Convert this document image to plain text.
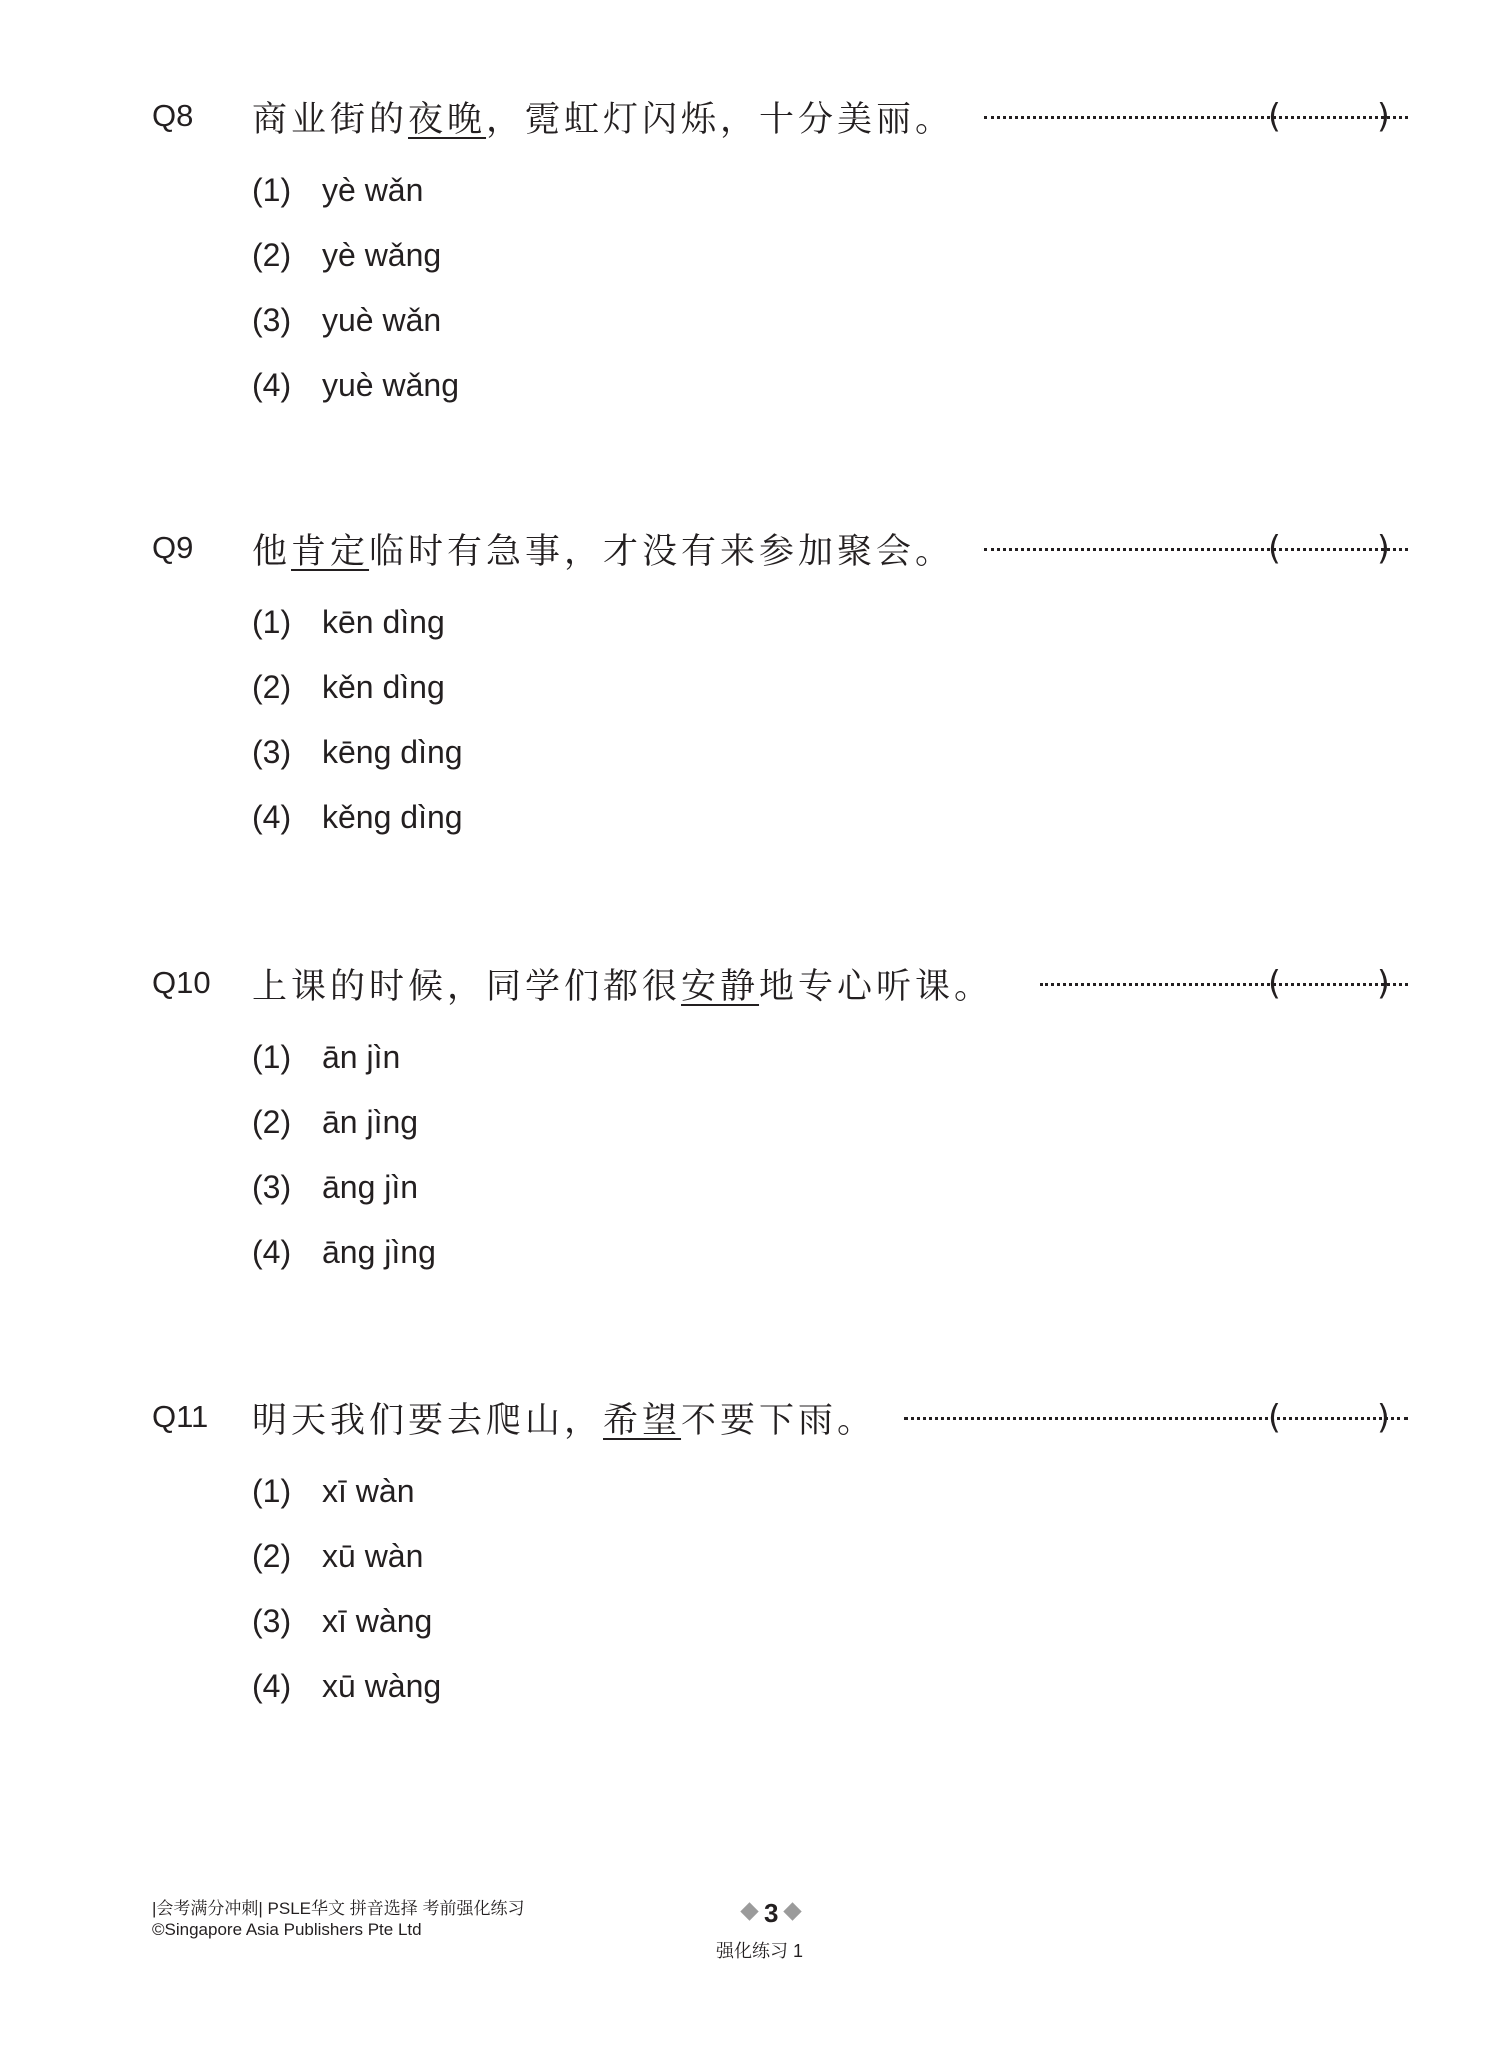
Q8 商业街的夜晚，霓虹灯闪烁，十分美丽。	(	)
(1) yè wǎn
(2) yè wǎng
(3) yuè wǎn
(4) yuè wǎng
Q9 他肯定临时有急事，才没有来参加聚会。	(	)
(1) kēn dìng
(2) kěn dìng
(3) kēng dìng
(4) kěng dìng
Q10 上课的时候，同学们都很安静地专心听课。	(	)
(1) ān jìn
(2) ān jìng
(3) āng jìn
(4) āng jìng
Q11 明天我们要去爬山，希望不要下雨。	(	)
(1) xī wàn
(2) xū wàn
(3) xī wàng
(4) xū wàng
|会考满分冲刺| PSLE华文 拼音选择 考前强化练习
©Singapore Asia Publishers Pte Ltd
3
强化练习 1
